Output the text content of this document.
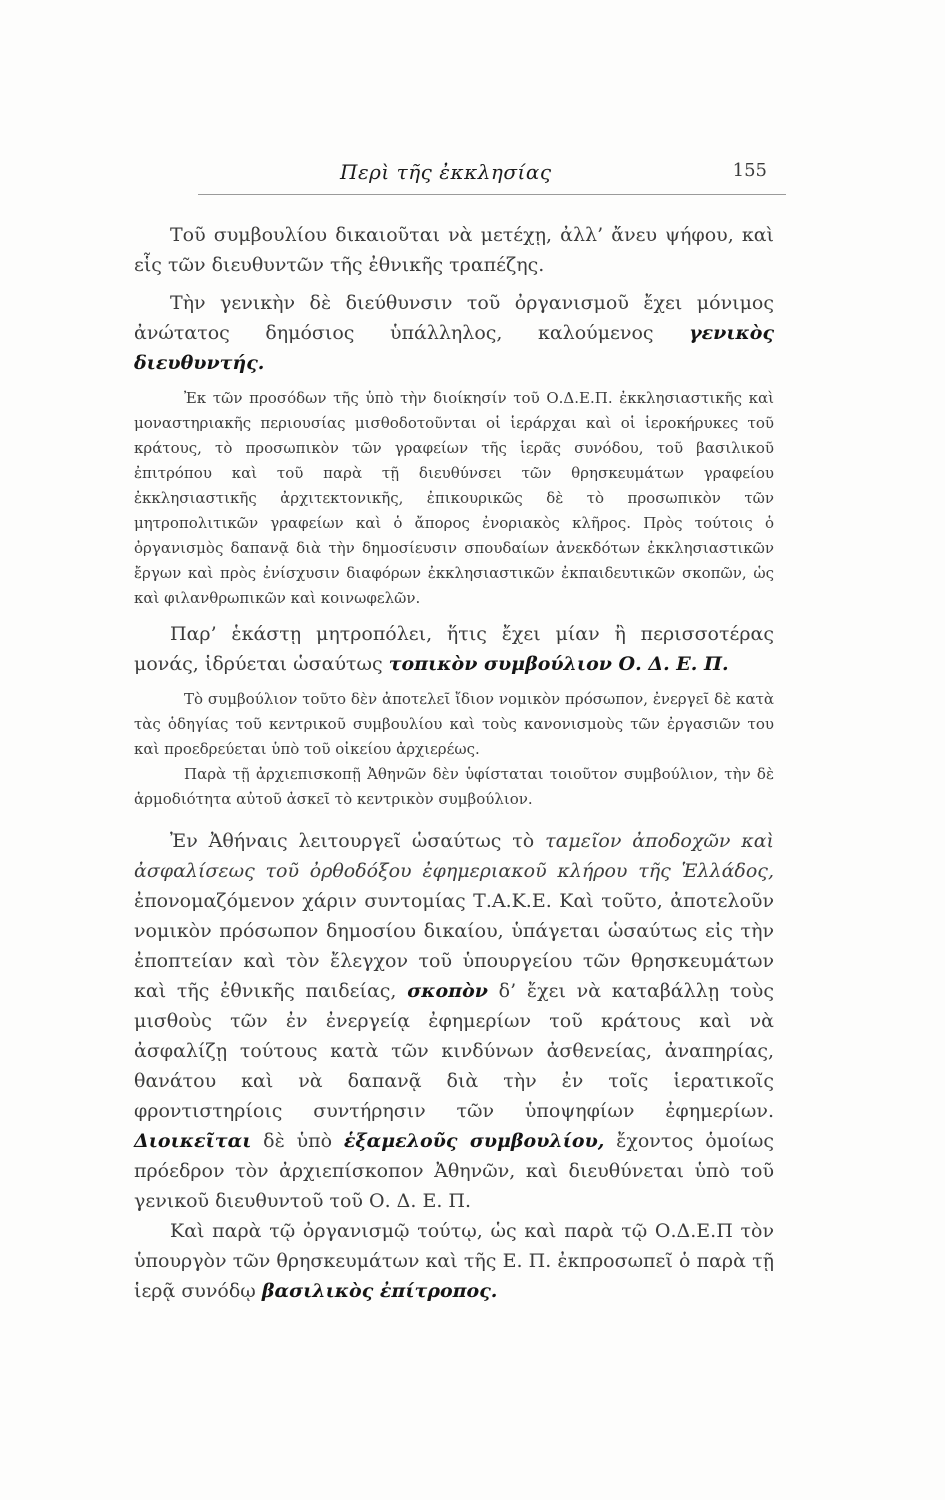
Περὶ τῆς ἐκκλησίας	155

Τοῦ συμβουλίου δικαιοῦται νὰ μετέχῃ, ἀλλ’ ἄνευ ψήφου, καὶ εἷς τῶν διευθυντῶν τῆς ἐθνικῆς τραπέζης.

Τὴν γενικὴν δὲ διεύθυνσιν τοῦ ὀργανισμοῦ ἔχει μόνιμος ἀνώτατος δημόσιος ὑπάλληλος, καλούμενος γενικὸς διευθυντής.

Ἐκ τῶν προσόδων τῆς ὑπὸ τὴν διοίκησίν τοῦ Ο.Δ.Ε.Π. ἐκκλησιαστικῆς καὶ μοναστηριακῆς περιουσίας μισθοδοτοῦνται οἱ ἱεράρχαι καὶ οἱ ἱεροκήρυκες τοῦ κράτους, τὸ προσωπικὸν τῶν γραφείων τῆς ἱερᾶς συνόδου, τοῦ βασιλικοῦ ἐπιτρόπου καὶ τοῦ παρὰ τῇ διευθύνσει τῶν θρησκευμάτων γραφείου ἐκκλησιαστικῆς ἀρχιτεκτονικῆς, ἐπικουρικῶς δὲ τὸ προσωπικὸν τῶν μητροπολιτικῶν γραφείων καὶ ὁ ἄπορος ἐνοριακὸς κλῆρος. Πρὸς τούτοις ὁ ὀργανισμὸς δαπανᾷ διὰ τὴν δημοσίευσιν σπουδαίων ἀνεκδότων ἐκκλησιαστικῶν ἔργων καὶ πρὸς ἐνίσχυσιν διαφόρων ἐκκλησιαστικῶν ἐκπαιδευτικῶν σκοπῶν, ὡς καὶ φιλανθρωπικῶν καὶ κοινωφελῶν.

Παρ’ ἑκάστῃ μητροπόλει, ἥτις ἔχει μίαν ἢ περισσοτέρας μονάς, ἱδρύεται ὡσαύτως τοπικὸν συμβούλιον Ο. Δ. Ε. Π.

Τὸ συμβούλιον τοῦτο δὲν ἀποτελεῖ ἴδιον νομικὸν πρόσωπον, ἐνεργεῖ δὲ κατὰ τὰς ὁδηγίας τοῦ κεντρικοῦ συμβουλίου καὶ τοὺς κανονισμοὺς τῶν ἐργασιῶν του καὶ προεδρεύεται ὑπὸ τοῦ οἰκείου ἀρχιερέως.

Παρὰ τῇ ἀρχιεπισκοπῇ Ἀθηνῶν δὲν ὑφίσταται τοιοῦτον συμβούλιον, τὴν δὲ ἁρμοδιότητα αὐτοῦ ἀσκεῖ τὸ κεντρικὸν συμβούλιον.

Ἐν Ἀθήναις λειτουργεῖ ὡσαύτως τὸ ταμεῖον ἀποδοχῶν καὶ ἀσφαλίσεως τοῦ ὀρθοδόξου ἐφημεριακοῦ κλήρου τῆς Ἑλλάδος, ἐπονομαζόμενον χάριν συντομίας Τ.Α.Κ.Ε. Καὶ τοῦτο, ἀποτελοῦν νομικὸν πρόσωπον δημοσίου δικαίου, ὑπάγεται ὡσαύτως εἰς τὴν ἐποπτείαν καὶ τὸν ἔλεγχον τοῦ ὑπουργείου τῶν θρησκευμάτων καὶ τῆς ἐθνικῆς παιδείας, σκοπὸν δ’ ἔχει νὰ καταβάλλῃ τοὺς μισθοὺς τῶν ἐν ἐνεργείᾳ ἐφημερίων τοῦ κράτους καὶ νὰ ἀσφαλίζῃ τούτους κατὰ τῶν κινδύνων ἀσθενείας, ἀναπηρίας, θανάτου καὶ νὰ δαπανᾷ διὰ τὴν ἐν τοῖς ἱερατικοῖς φροντιστηρίοις συντήρησιν τῶν ὑποψηφίων ἐφημερίων. Διοικεῖται δὲ ὑπὸ ἑξαμελοῦς συμβουλίου, ἔχοντος ὁμοίως πρόεδρον τὸν ἀρχιεπίσκοπον Ἀθηνῶν, καὶ διευθύνεται ὑπὸ τοῦ γενικοῦ διευθυντοῦ τοῦ Ο. Δ. Ε. Π.

Καὶ παρὰ τῷ ὀργανισμῷ τούτῳ, ὡς καὶ παρὰ τῷ Ο.Δ.Ε.Π τὸν ὑπουργὸν τῶν θρησκευμάτων καὶ τῆς Ε. Π. ἐκπροσωπεῖ ὁ παρὰ τῇ ἱερᾷ συνόδῳ βασιλικὸς ἐπίτροπος.
